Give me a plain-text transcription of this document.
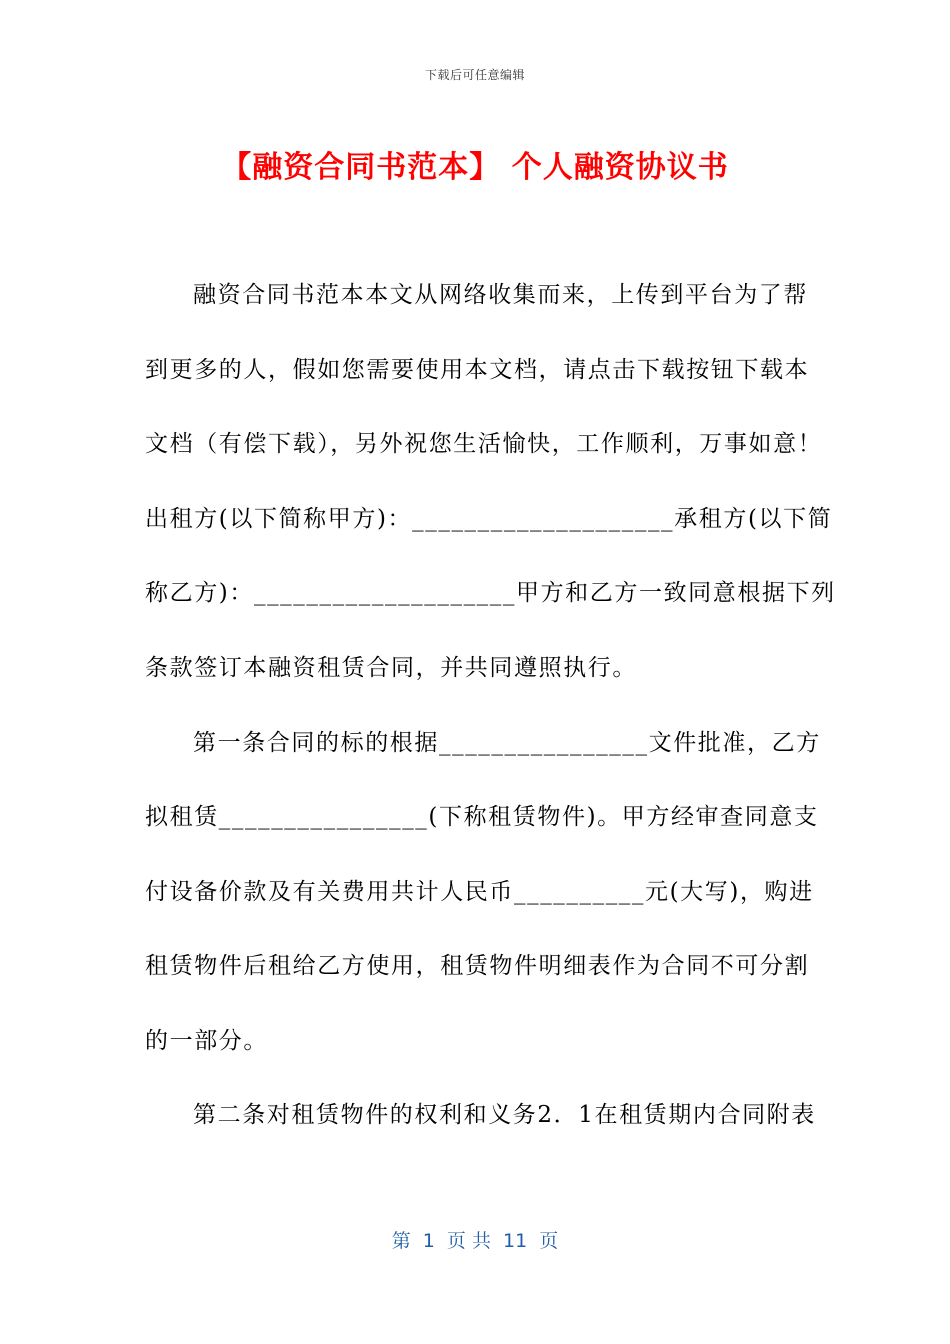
下载后可任意编辑
【融资合同书范本】 个人融资协议书
融资合同书范本本文从网络收集而来，上传到平台为了帮
到更多的人，假如您需要使用本文档，请点击下载按钮下载本
文档（有偿下载），另外祝您生活愉快，工作顺利，万事如意！
出租方(以下简称甲方)：____________________承租方(以下简
称乙方)：____________________甲方和乙方一致同意根据下列
条款签订本融资租赁合同，并共同遵照执行。
第一条合同的标的根据________________文件批准，乙方
拟租赁________________(下称租赁物件)。甲方经审查同意支
付设备价款及有关费用共计人民币__________元(大写)，购进
租赁物件后租给乙方使用，租赁物件明细表作为合同不可分割
的一部分。
第二条对租赁物件的权利和义务2．1在租赁期内合同附表
第  1  页 共  11  页
